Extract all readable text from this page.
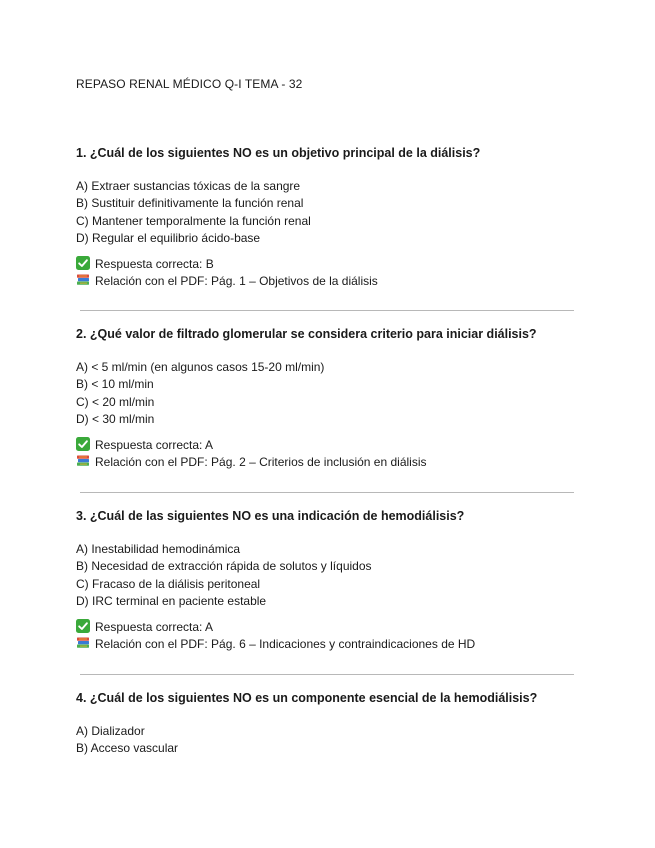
REPASO RENAL MÉDICO Q-I TEMA - 32

1. ¿Cuál de los siguientes NO es un objetivo principal de la diálisis?

A) Extraer sustancias tóxicas de la sangre
B) Sustituir definitivamente la función renal
C) Mantener temporalmente la función renal
D) Regular el equilibrio ácido-base
Respuesta correcta: B
Relación con el PDF: Pág. 1 – Objetivos de la diálisis

2. ¿Qué valor de filtrado glomerular se considera criterio para iniciar diálisis?

A) < 5 ml/min (en algunos casos 15-20 ml/min)
B) < 10 ml/min
C) < 20 ml/min
D) < 30 ml/min
Respuesta correcta: A
Relación con el PDF: Pág. 2 – Criterios de inclusión en diálisis

3. ¿Cuál de las siguientes NO es una indicación de hemodiálisis?

A) Inestabilidad hemodinámica
B) Necesidad de extracción rápida de solutos y líquidos
C) Fracaso de la diálisis peritoneal
D) IRC terminal en paciente estable
Respuesta correcta: A
Relación con el PDF: Pág. 6 – Indicaciones y contraindicaciones de HD

4. ¿Cuál de los siguientes NO es un componente esencial de la hemodiálisis?

A) Dializador
B) Acceso vascular
